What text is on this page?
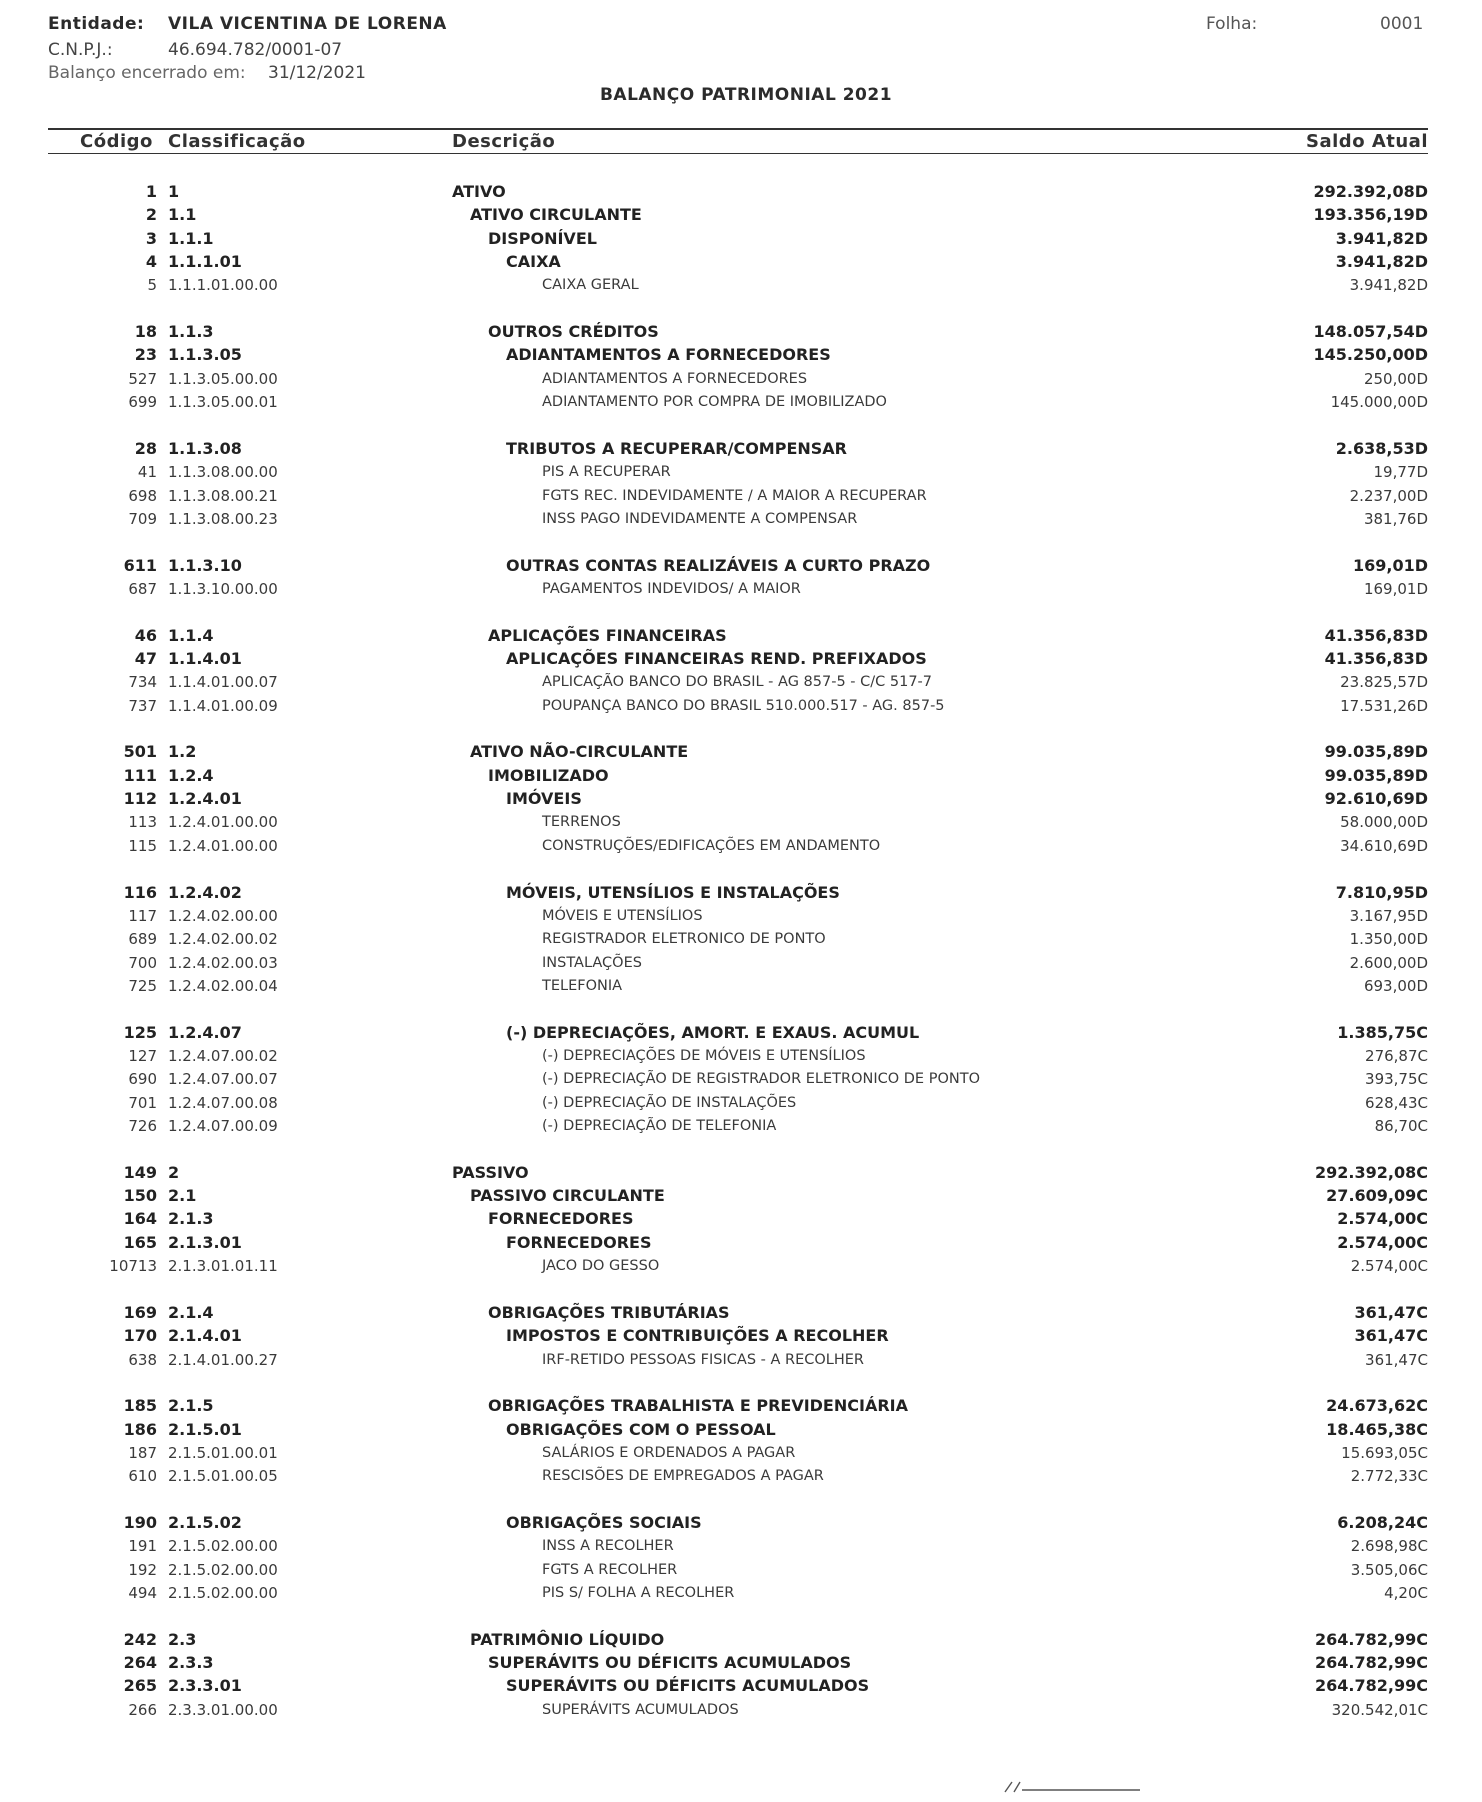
Entidade: VILA VICENTINA DE LORENA
C.N.P.J.:	46.694.782/0001-07
Balanço encerrado em: 31/12/2021
Folha:	0001
BALANÇO PATRIMONIAL 2021
Código Classificação	Descrição	Saldo Atual
1 1	ATIVO	292.392,08D
2 1.1	ATIVO CIRCULANTE	193.356,19D
3 1.1.1	DISPONÍVEL	3.941,82D
4 1.1.1.01	CAIXA	3.941,82D
5 1.1.1.01.00.00	CAIXA GERAL	3.941,82D
18 1.1.3	OUTROS CRÉDITOS	148.057,54D
23 1.1.3.05	ADIANTAMENTOS A FORNECEDORES	145.250,00D
527 1.1.3.05.00.00	ADIANTAMENTOS A FORNECEDORES	250,00D
699 1.1.3.05.00.01	ADIANTAMENTO POR COMPRA DE IMOBILIZADO	145.000,00D
28 1.1.3.08	TRIBUTOS A RECUPERAR/COMPENSAR	2.638,53D
41 1.1.3.08.00.00	PIS A RECUPERAR	19,77D
698 1.1.3.08.00.21	FGTS REC. INDEVIDAMENTE / A MAIOR A RECUPERAR	2.237,00D
709 1.1.3.08.00.23	INSS PAGO INDEVIDAMENTE A COMPENSAR	381,76D
611 1.1.3.10	OUTRAS CONTAS REALIZÁVEIS A CURTO PRAZO	169,01D
687 1.1.3.10.00.00	PAGAMENTOS INDEVIDOS/ A MAIOR	169,01D
46 1.1.4	APLICAÇÕES FINANCEIRAS	41.356,83D
47 1.1.4.01	APLICAÇÕES FINANCEIRAS REND. PREFIXADOS	41.356,83D
734 1.1.4.01.00.07	APLICAÇÃO BANCO DO BRASIL - AG 857-5 - C/C 517-7	23.825,57D
737 1.1.4.01.00.09	POUPANÇA BANCO DO BRASIL 510.000.517 - AG. 857-5	17.531,26D
501 1.2	ATIVO NÃO-CIRCULANTE	99.035,89D
111 1.2.4	IMOBILIZADO	99.035,89D
112 1.2.4.01	IMÓVEIS	92.610,69D
113 1.2.4.01.00.00	TERRENOS	58.000,00D
115 1.2.4.01.00.00	CONSTRUÇÕES/EDIFICAÇÕES EM ANDAMENTO	34.610,69D
116 1.2.4.02	MÓVEIS, UTENSÍLIOS E INSTALAÇÕES	7.810,95D
117 1.2.4.02.00.00	MÓVEIS E UTENSÍLIOS	3.167,95D
689 1.2.4.02.00.02	REGISTRADOR ELETRONICO DE PONTO	1.350,00D
700 1.2.4.02.00.03	INSTALAÇÕES	2.600,00D
725 1.2.4.02.00.04	TELEFONIA	693,00D
125 1.2.4.07	(-) DEPRECIAÇÕES, AMORT. E EXAUS. ACUMUL	1.385,75C
127 1.2.4.07.00.02	(-) DEPRECIAÇÕES DE MÓVEIS E UTENSÍLIOS	276,87C
690 1.2.4.07.00.07	(-) DEPRECIAÇÃO DE REGISTRADOR ELETRONICO DE PONTO	393,75C
701 1.2.4.07.00.08	(-) DEPRECIAÇÃO DE INSTALAÇÕES	628,43C
726 1.2.4.07.00.09	(-) DEPRECIAÇÃO DE TELEFONIA	86,70C
149 2	PASSIVO	292.392,08C
150 2.1	PASSIVO CIRCULANTE	27.609,09C
164 2.1.3	FORNECEDORES	2.574,00C
165 2.1.3.01	FORNECEDORES	2.574,00C
10713 2.1.3.01.01.11	JACO DO GESSO	2.574,00C
169 2.1.4	OBRIGAÇÕES TRIBUTÁRIAS	361,47C
170 2.1.4.01	IMPOSTOS E CONTRIBUIÇÕES A RECOLHER	361,47C
638 2.1.4.01.00.27	IRF-RETIDO PESSOAS FISICAS - A RECOLHER	361,47C
185 2.1.5	OBRIGAÇÕES TRABALHISTA E PREVIDENCIÁRIA	24.673,62C
186 2.1.5.01	OBRIGAÇÕES COM O PESSOAL	18.465,38C
187 2.1.5.01.00.01	SALÁRIOS E ORDENADOS A PAGAR	15.693,05C
610 2.1.5.01.00.05	RESCISÕES DE EMPREGADOS A PAGAR	2.772,33C
190 2.1.5.02	OBRIGAÇÕES SOCIAIS	6.208,24C
191 2.1.5.02.00.00	INSS A RECOLHER	2.698,98C
192 2.1.5.02.00.00	FGTS A RECOLHER	3.505,06C
494 2.1.5.02.00.00	PIS S/ FOLHA A RECOLHER	4,20C
242 2.3	PATRIMÔNIO LÍQUIDO	264.782,99C
264 2.3.3	SUPERÁVITS OU DÉFICITS ACUMULADOS	264.782,99C
265 2.3.3.01	SUPERÁVITS OU DÉFICITS ACUMULADOS	264.782,99C
266 2.3.3.01.00.00	SUPERÁVITS ACUMULADOS	320.542,01C
